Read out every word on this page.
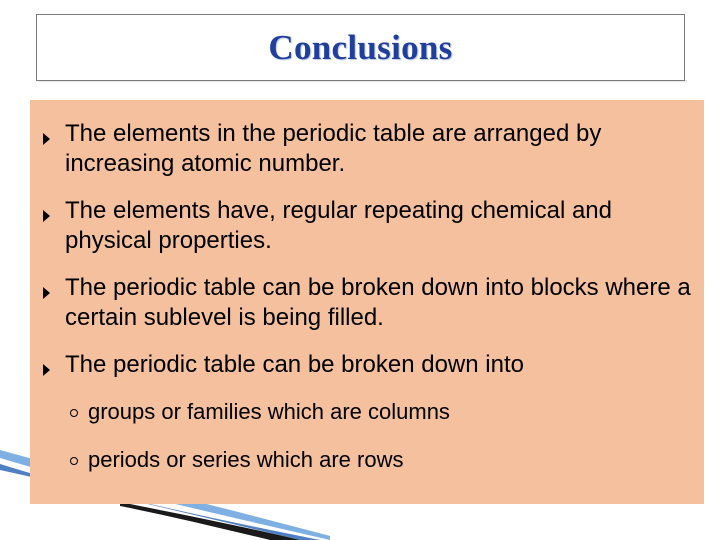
Conclusions
The elements in the periodic table are arranged by increasing atomic number.
The elements have, regular repeating chemical and physical properties.
The periodic table can be broken down into blocks where a certain sublevel is being filled.
The periodic table can be broken down into
groups or families which are columns
periods or series which are rows
